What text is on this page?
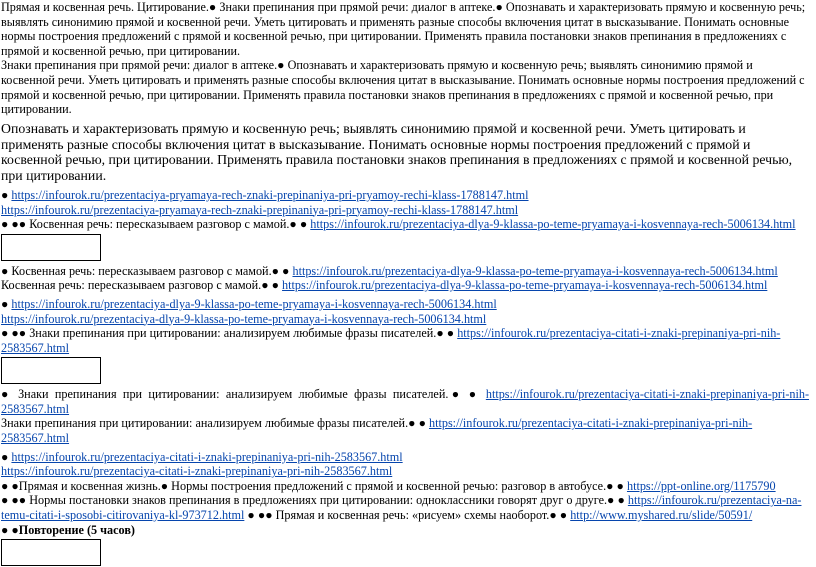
Прямая и косвенная речь. Цитирование.● Знаки препинания при прямой речи: диалог в аптеке.● Опознавать и характеризовать прямую и косвенную речь; выявлять синонимию прямой и косвенной речи. Уметь цитировать и применять разные способы включения цитат в высказывание. Понимать основные нормы построения предложений с прямой и косвенной речью, при цитировании. Применять правила постановки знаков препинания в предложениях с прямой и косвенной речью, при цитировании.

Знаки препинания при прямой речи: диалог в аптеке.● Опознавать и характеризовать прямую и косвенную речь; выявлять синонимию прямой и косвенной речи. Уметь цитировать и применять разные способы включения цитат в высказывание. Понимать основные нормы построения предложений с прямой и косвенной речью, при цитировании. Применять правила постановки знаков препинания в предложениях с прямой и косвенной речью, при цитировании.

Опознавать и характеризовать прямую и косвенную речь; выявлять синонимию прямой и косвенной речи. Уметь цитировать и применять разные способы включения цитат в высказывание. Понимать основные нормы построения предложений с прямой и косвенной речью, при цитировании. Применять правила постановки знаков препинания в предложениях с прямой и косвенной речью, при цитировании.

● https://infourok.ru/prezentaciya-pryamaya-rech-znaki-prepinaniya-pri-pryamoy-rechi-klass-1788147.html

https://infourok.ru/prezentaciya-pryamaya-rech-znaki-prepinaniya-pri-pryamoy-rechi-klass-1788147.html

● ●● Косвенная речь: пересказываем разговор с мамой.● ● https://infourok.ru/prezentaciya-dlya-9-klassa-po-teme-pryamaya-i-kosvennaya-rech-5006134.html

● Косвенная речь: пересказываем разговор с мамой.● ● https://infourok.ru/prezentaciya-dlya-9-klassa-po-teme-pryamaya-i-kosvennaya-rech-5006134.html

Косвенная речь: пересказываем разговор с мамой.● ● https://infourok.ru/prezentaciya-dlya-9-klassa-po-teme-pryamaya-i-kosvennaya-rech-5006134.html

● https://infourok.ru/prezentaciya-dlya-9-klassa-po-teme-pryamaya-i-kosvennaya-rech-5006134.html

https://infourok.ru/prezentaciya-dlya-9-klassa-po-teme-pryamaya-i-kosvennaya-rech-5006134.html

● ●● Знаки препинания при цитировании: анализируем любимые фразы писателей.● ● https://infourok.ru/prezentaciya-citati-i-znaki-prepinaniya-pri-nih-2583567.html

● Знаки препинания при цитировании: анализируем любимые фразы писателей.● ● https://infourok.ru/prezentaciya-citati-i-znaki-prepinaniya-pri-nih-2583567.html

Знаки препинания при цитировании: анализируем любимые фразы писателей.● ● https://infourok.ru/prezentaciya-citati-i-znaki-prepinaniya-pri-nih-2583567.html

● https://infourok.ru/prezentaciya-citati-i-znaki-prepinaniya-pri-nih-2583567.html

https://infourok.ru/prezentaciya-citati-i-znaki-prepinaniya-pri-nih-2583567.html

● ●Прямая и косвенная жизнь.● Нормы построения предложений с прямой и косвенной речью: разговор в автобусе.● ● https://ppt-online.org/1175790

● ●● Нормы постановки знаков препинания в предложениях при цитировании: одноклассники говорят друг о друге.● ● https://infourok.ru/prezentaciya-na-temu-citati-i-sposobi-citirovaniya-kl-973712.html ● ●● Прямая и косвенная речь: «рисуем» схемы наоборот.● ● http://www.myshared.ru/slide/50591/

● ●Повторение (5 часов)
